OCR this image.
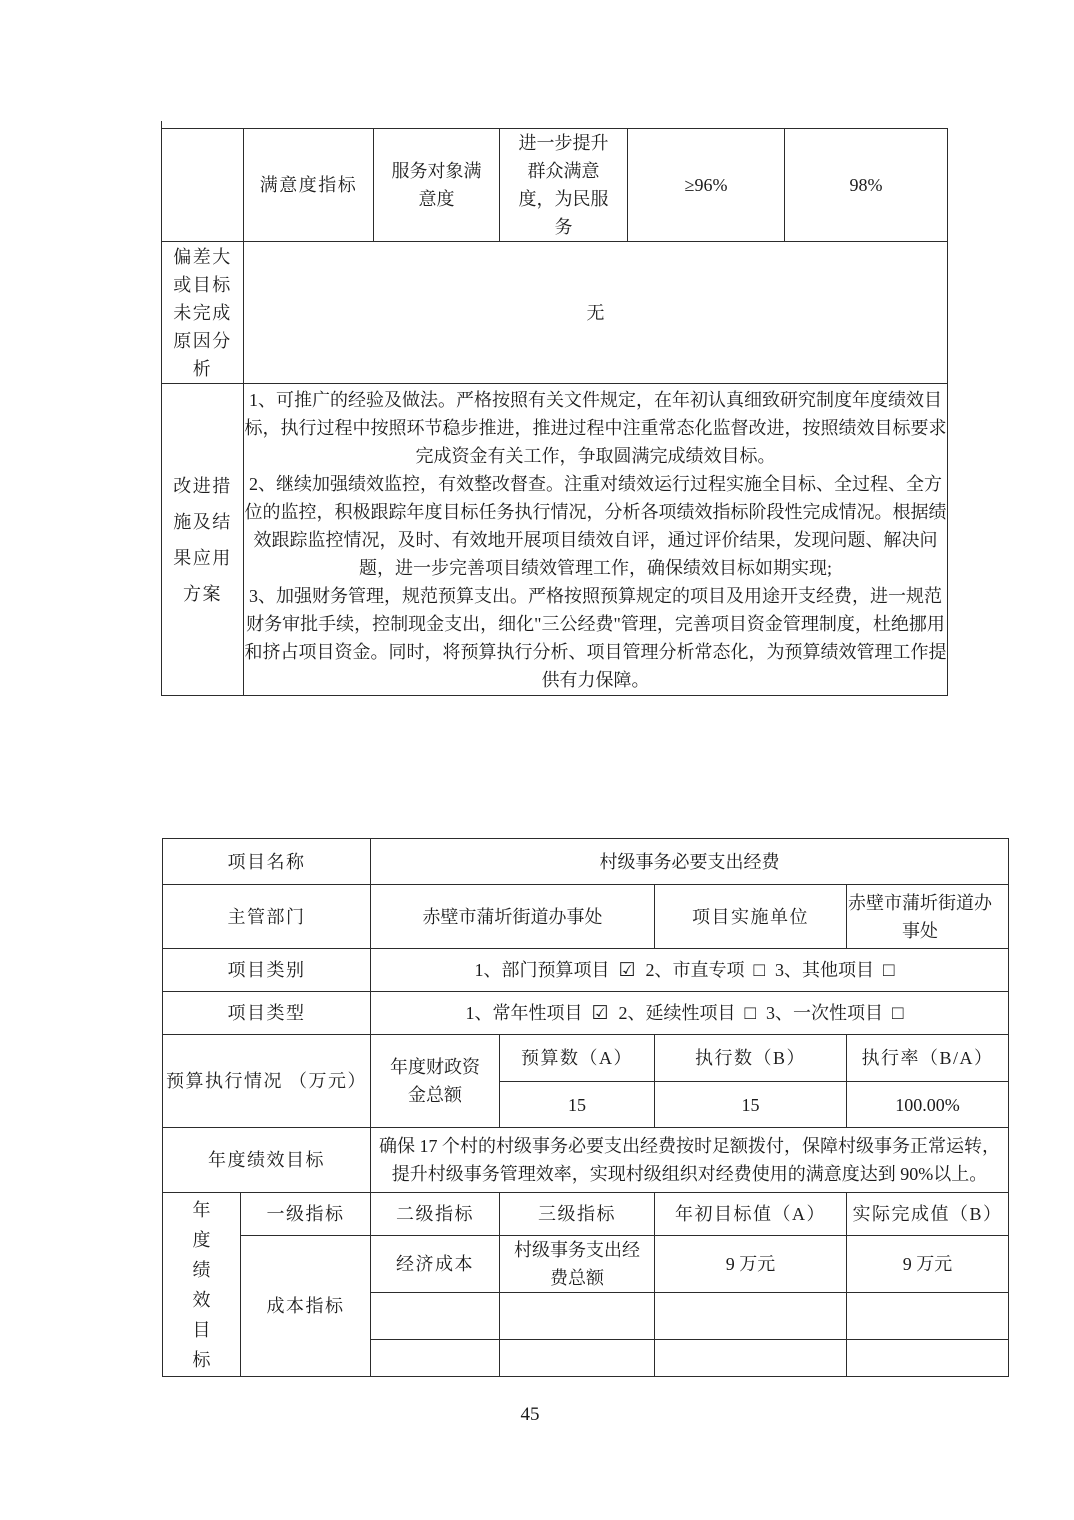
	满意度指标	服务对象满意度	进一步提升群众满意度，为民服务	≥96%	98%

偏差大或目标未完成原因分析	无				

改进措施及结果应用方案	1、可推广的经验及做法。严格按照有关文件规定，在年初认真细致研究制度年度绩效目标，执行过程中按照环节稳步推进，推进过程中注重常态化监督改进，按照绩效目标要求完成资金有关工作，争取圆满完成绩效目标。
2、继续加强绩效监控，有效整改督查。注重对绩效运行过程实施全目标、全过程、全方位的监控，积极跟踪年度目标任务执行情况，分析各项绩效指标阶段性完成情况。根据绩效跟踪监控情况，及时、有效地开展项目绩效自评，通过评价结果，发现问题、解决问题，进一步完善项目绩效管理工作，确保绩效目标如期实现;
3、加强财务管理，规范预算支出。严格按照预算规定的项目及用途开支经费，进一规范财务审批手续，控制现金支出，细化"三公经费"管理，完善项目资金管理制度，杜绝挪用和挤占项目资金。同时，将预算执行分析、项目管理分析常态化，为预算绩效管理工作提供有力保障。				
项目名称		村级事务必要支出经费			
主管部门		赤壁市蒲圻街道办事处		项目实施单位	赤壁市蒲圻街道办事处

项目类别		1、部门预算项目 ☑ 2、市直专项 □ 3、其他项目 □			
项目类型		1、常年性项目 ☑ 2、延续性项目 □ 3、一次性项目 □			
预算执行情况 （万元）		年度财政资金总额	预算数（A）	执行数（B）	执行率（B/A）
			15	15	100.00%
年度绩效目标		确保 17 个村的村级事务必要支出经费按时足额拨付，保障村级事务正常运转，提升村级事务管理效率，实现村级组织对经费使用的满意度达到 90%以上。			

年度绩效目标	一级指标	二级指标	三级指标	年初目标值（A）	实际完成值（B）
	成本指标	经济成本	村级事务支出经费总额	9 万元	9 万元

45
